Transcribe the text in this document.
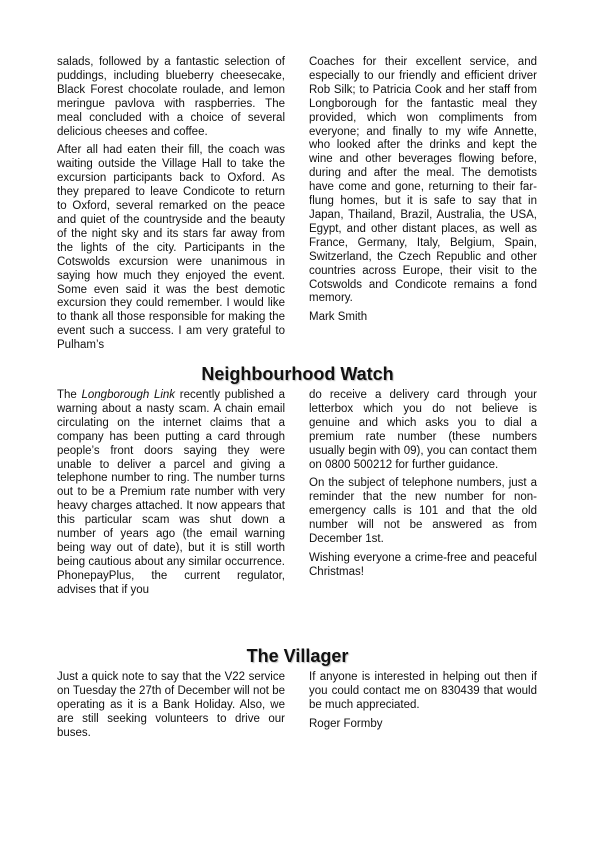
salads, followed by a fantastic selection of puddings, including blueberry cheesecake, Black Forest chocolate roulade, and lemon meringue pavlova with raspberries. The meal concluded with a choice of several delicious cheeses and coffee.

After all had eaten their fill, the coach was waiting outside the Village Hall to take the excursion participants back to Oxford. As they prepared to leave Condicote to return to Oxford, several remarked on the peace and quiet of the countryside and the beauty of the night sky and its stars far away from the lights of the city. Participants in the Cotswolds excursion were unanimous in saying how much they enjoyed the event. Some even said it was the best demotic excursion they could remember. I would like to thank all those responsible for making the event such a success. I am very grateful to Pulham’s

Coaches for their excellent service, and especially to our friendly and efficient driver Rob Silk; to Patricia Cook and her staff from Longborough for the fantastic meal they provided, which won compliments from everyone; and finally to my wife Annette, who looked after the drinks and kept the wine and other beverages flowing before, during and after the meal. The demotists have come and gone, returning to their far-flung homes, but it is safe to say that in Japan, Thailand, Brazil, Australia, the USA, Egypt, and other distant places, as well as France, Germany, Italy, Belgium, Spain, Switzerland, the Czech Republic and other countries across Europe, their visit to the Cotswolds and Condicote remains a fond memory.

Mark Smith

Neighbourhood Watch

The Longborough Link recently published a warning about a nasty scam. A chain email circulating on the internet claims that a company has been putting a card through people’s front doors saying they were unable to deliver a parcel and giving a telephone number to ring. The number turns out to be a Premium rate number with very heavy charges attached. It now appears that this particular scam was shut down a number of years ago (the email warning being way out of date), but it is still worth being cautious about any similar occurrence. PhonepayPlus, the current regulator, advises that if you

do receive a delivery card through your letterbox which you do not believe is genuine and which asks you to dial a premium rate number (these numbers usually begin with 09), you can contact them on 0800 500212 for further guidance.

On the subject of telephone numbers, just a reminder that the new number for non-emergency calls is 101 and that the old number will not be answered as from December 1st.

Wishing everyone a crime-free and peaceful Christmas!

The Villager

Just a quick note to say that the V22 service on Tuesday the 27th of December will not be operating as it is a Bank Holiday. Also, we are still seeking volunteers to drive our buses.

If anyone is interested in helping out then if you could contact me on 830439 that would be much appreciated.

Roger Formby
